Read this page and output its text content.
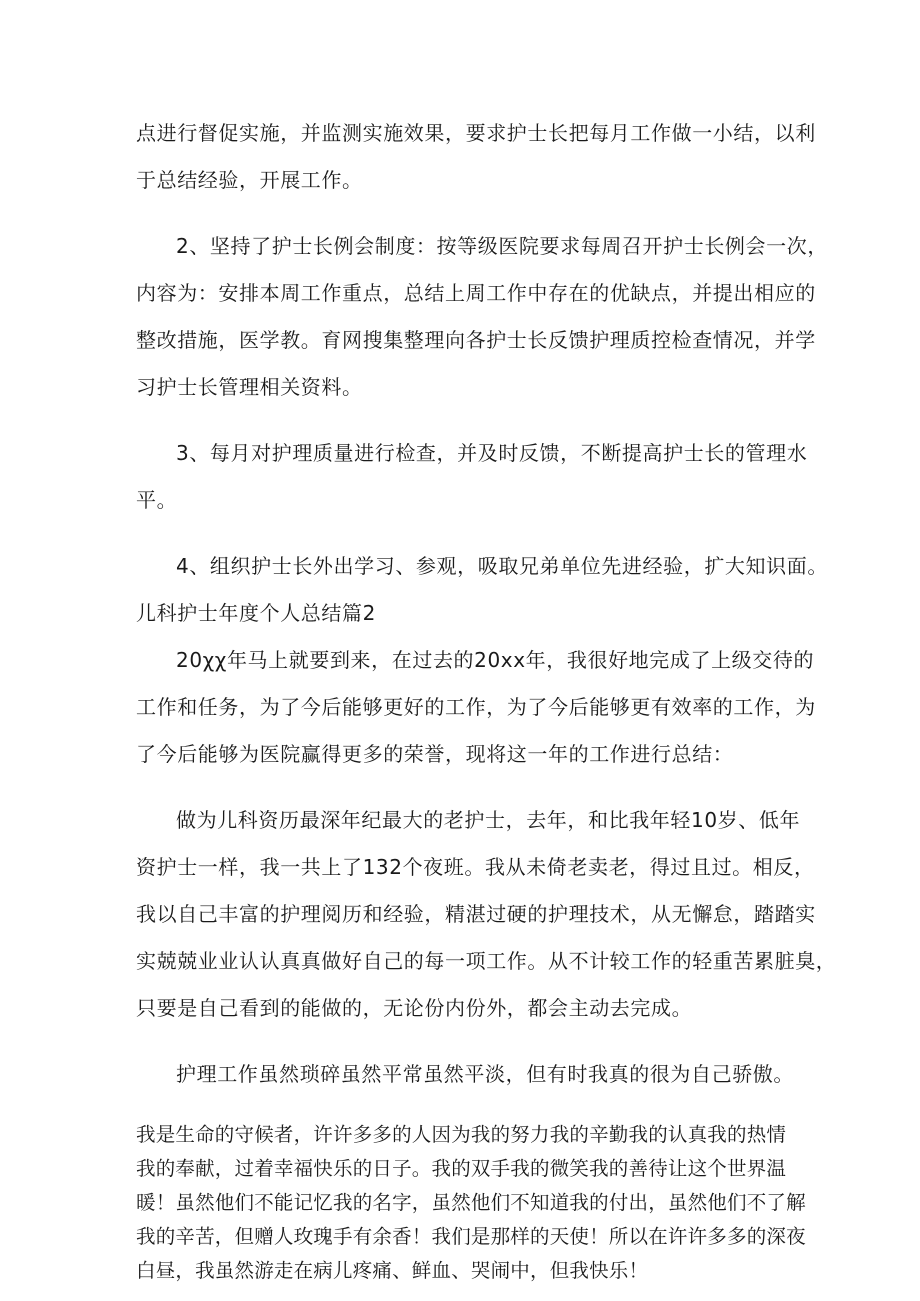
点进行督促实施，并监测实施效果，要求护士长把每月工作做一小结，以利
于总结经验，开展工作。

2、坚持了护士长例会制度：按等级医院要求每周召开护士长例会一次，
内容为：安排本周工作重点，总结上周工作中存在的优缺点，并提出相应的
整改措施，医学教。育网搜集整理向各护士长反馈护理质控检查情况，并学
习护士长管理相关资料。

3、每月对护理质量进行检查，并及时反馈，不断提高护士长的管理水
平。

4、组织护士长外出学习、参观，吸取兄弟单位先进经验，扩大知识面。

儿科护士年度个人总结篇2

20χχ年马上就要到来，在过去的20xx年，我很好地完成了上级交待的
工作和任务，为了今后能够更好的工作，为了今后能够更有效率的工作，为
了今后能够为医院赢得更多的荣誉，现将这一年的工作进行总结：

做为儿科资历最深年纪最大的老护士，去年，和比我年轻10岁、低年
资护士一样，我一共上了132个夜班。我从未倚老卖老，得过且过。相反，
我以自己丰富的护理阅历和经验，精湛过硬的护理技术，从无懈怠，踏踏实
实兢兢业业认认真真做好自己的每一项工作。从不计较工作的轻重苦累脏臭，
只要是自己看到的能做的，无论份内份外，都会主动去完成。

护理工作虽然琐碎虽然平常虽然平淡，但有时我真的很为自己骄傲。

我是生命的守候者，许许多多的人因为我的努力我的辛勤我的认真我的热情
我的奉献，过着幸福快乐的日子。我的双手我的微笑我的善待让这个世界温
暖！虽然他们不能记忆我的名字，虽然他们不知道我的付出，虽然他们不了解
我的辛苦，但赠人玫瑰手有余香！我们是那样的天使！所以在许许多多的深夜
白昼，我虽然游走在病儿疼痛、鲜血、哭闹中，但我快乐！
